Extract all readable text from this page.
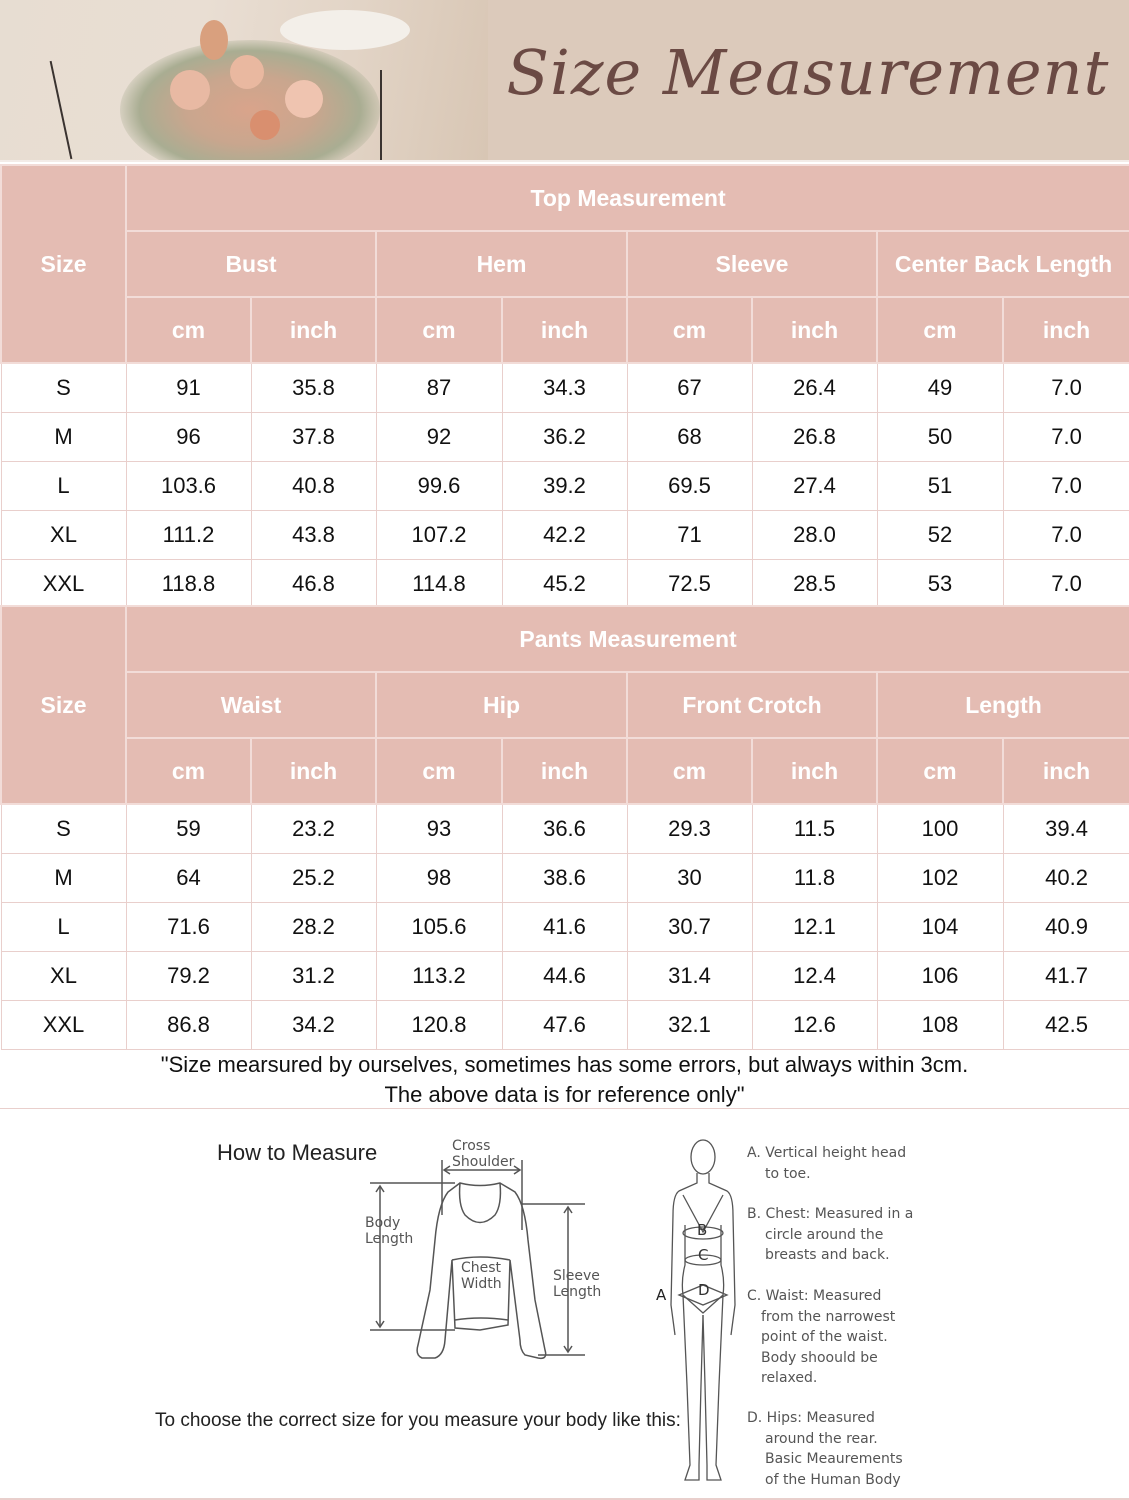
Size Measurement
Size	Top Measurement							
	Bust		Hem		Sleeve		Center Back Length	
	cm	inch	cm	inch	cm	inch	cm	inch
S	91	35.8	87	34.3	67	26.4	49	7.0
M	96	37.8	92	36.2	68	26.8	50	7.0
L	103.6	40.8	99.6	39.2	69.5	27.4	51	7.0
XL	111.2	43.8	107.2	42.2	71	28.0	52	7.0
XXL	118.8	46.8	114.8	45.2	72.5	28.5	53	7.0
Size	Pants Measurement							
	Waist		Hip		Front Crotch		Length	
	cm	inch	cm	inch	cm	inch	cm	inch
S	59	23.2	93	36.6	29.3	11.5	100	39.4
M	64	25.2	98	38.6	30	11.8	102	40.2
L	71.6	28.2	105.6	41.6	30.7	12.1	104	40.9
XL	79.2	31.2	113.2	44.6	31.4	12.4	106	41.7
XXL	86.8	34.2	120.8	47.6	32.1	12.6	108	42.5
"Size mearsured by ourselves, sometimes has some errors, but always within 3cm.
The above data is for reference only"
How to Measure
To choose the correct size for you measure your body like this:
Cross
Shoulder
Body
Length
Chest
Width	Sleeve
Length
B
C
D
A
A. Vertical height head
to toe.
B. Chest: Measured in a
circle around the
breasts and back.
C. Waist: Measured
from the narrowest
point of the waist.
Body shoould be
relaxed.
D. Hips: Measured
around the rear.
Basic Meaurements
of the Human Body
